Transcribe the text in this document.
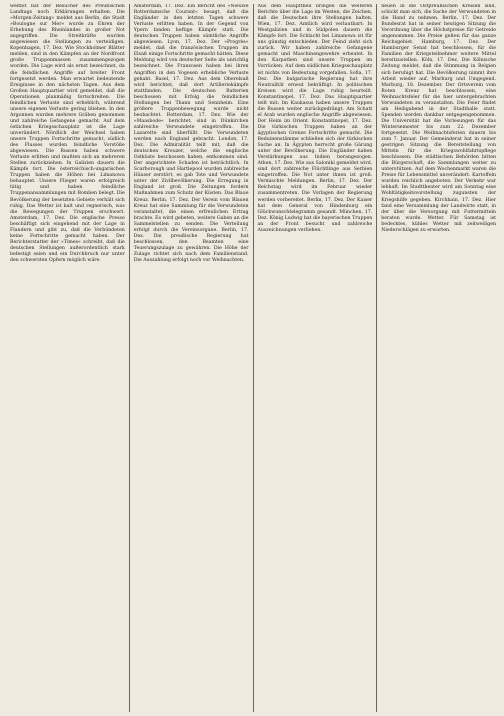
weltbit hat der Besucher des Preußischen Landtags noch Erklärungen erhalten. Die »Morgen-Zeitung« meldet aus Berlin, die Stadt »Boulogne sur Mer« wurde zu Ehren der Erhebung des Rheinlandes in großer Not angegriffen. Die Streitkräfte wurden angewiesen die Stellungen zu verteidigen. Kopenhagen, 17. Dez. Wie Stockholmer Blätter melden, sind in den Kämpfen an der Nordfront große Truppenmassen zusammengezogen worden. Die Lage wird als ernst bezeichnet, da die feindlichen Angriffe auf breiter Front fortgesetzt werden. Man erwartet bedeutende Ereignisse in den nächsten Tagen. Aus dem Großen Hauptquartier wird gemeldet, daß die Operationen planmäßig fortschreiten. Die feindlichen Verluste sind erheblich, während unsere eigenen Verluste gering blieben. In den Argonnen wurden mehrere Gräben genommen und zahlreiche Gefangene gemacht. Auf dem östlichen Kriegsschauplatz ist die Lage unverändert. Nördlich der Weichsel haben unsere Truppen Fortschritte gemacht, südlich des Flusses wurden feindliche Vorstöße abgewiesen. Die Russen haben schwere Verluste erlitten und mußten sich an mehreren Stellen zurückziehen. In Galizien dauern die Kämpfe fort. Die österreichisch-ungarischen Truppen haben die Höhen bei Limanowa behauptet. Unsere Flieger waren erfolgreich tätig und haben feindliche Truppenansammlungen mit Bomben belegt. Die Bevölkerung der besetzten Gebiete verhält sich ruhig. Das Wetter ist kalt und regnerisch, was die Bewegungen der Truppen erschwert. Amsterdam, 17. Dez. Die englische Presse beschäftigt sich eingehend mit der Lage in Flandern und gibt zu, daß die Verbündeten keine Fortschritte gemacht haben. Der Berichterstatter der »Times« schreibt, daß die deutschen Stellungen außerordentlich stark befestigt seien und ein Durchbruch nur unter den schwersten Opfern möglich wäre.
Amsterdam, 17. Dez. Ein Bericht des »Nieuwe Rotterdamsche Courant« besagt, daß die Engländer in den letzten Tagen schwere Verluste erlitten haben. In der Gegend von Ypern fanden heftige Kämpfe statt. Die deutschen Truppen haben sämtliche Angriffe abgewiesen. Lyon, 17. Dez. Der »Progrès« meldet, daß die französischen Truppen im Elsaß einige Fortschritte gemacht hätten. Diese Meldung wird von deutscher Seite als unrichtig bezeichnet. Die Franzosen haben bei ihren Angriffen in den Vogesen erhebliche Verluste gehabt. Basel, 17. Dez. Aus dem Oberelsaß wird berichtet, daß dort Artilleriekämpfe stattfanden. Die deutschen Batterien beschossen mit Erfolg die feindlichen Stellungen bei Thann und Sennheim. Eine größere Truppenbewegung wurde nicht beobachtet. Rotterdam, 17. Dez. Wie der »Maasbode« berichtet, sind in Dünkirchen zahlreiche Verwundete eingetroffen. Die Lazarette sind überfüllt. Die Verwundeten werden nach England gebracht. London, 17. Dez. Die Admiralität teilt mit, daß die deutschen Kreuzer, welche die englische Ostküste beschossen haben, entkommen sind. Der angerichtete Schaden ist beträchtlich. In Scarborough und Hartlepool wurden zahlreiche Häuser zerstört, es gab Tote und Verwundete unter der Zivilbevölkerung. Die Erregung in England ist groß. Die Zeitungen fordern Maßnahmen zum Schutz der Küsten. Das Blaue Kreuz. Berlin, 17. Dez. Der Verein vom Blauen Kreuz hat eine Sammlung für die Verwundeten veranstaltet, die einen erfreulichen Ertrag brachte. Es wird gebeten, weitere Gaben an die Sammelstellen zu senden. Die Verteilung erfolgt durch die Vereinsorgane. Berlin, 17. Dez. Die preußische Regierung hat beschlossen, den Beamten eine Teuerungszulage zu gewähren. Die Höhe der Zulage richtet sich nach dem Familienstand. Die Auszahlung erfolgt noch vor Weihnachten.
Aus dem Haupttheil bringen die weiteren Berichte über die Lage im Westen, die Zeichen, daß die Deutschen ihre Stellungen halten. Wien, 17. Dez. Amtlich wird verlautbart: In Westgalizien und in Südpolen dauern die Kämpfe fort. Die Schlacht bei Limanowa ist für uns günstig entschieden. Der Feind zieht sich zurück. Wir haben zahlreiche Gefangene gemacht und Maschinengewehre erbeutet. In den Karpathen sind unsere Truppen im Vorrücken. Auf dem südlichen Kriegsschauplatz ist nichts von Bedeutung vorgefallen. Sofia, 17. Dez. Die bulgarische Regierung hat ihre Neutralität erneut bekräftigt. In politischen Kreisen wird die Lage ruhig beurteilt. Konstantinopel, 17. Dez. Das Hauptquartier teilt mit: Im Kaukasus haben unsere Truppen die Russen weiter zurückgedrängt. Am Schatt el Arab wurden englische Angriffe abgewiesen. Der Heim im Orient. Konstantinopel, 17. Dez. Die türkischen Truppen haben an der ägyptischen Grenze Fortschritte gemacht. Die Beduinenstämme schließen sich der türkischen Sache an. In Ägypten herrscht große Gärung unter der Bevölkerung. Die Engländer haben Verstärkungen aus Indien herangezogen. Athen, 17. Dez. Wie aus Saloniki gemeldet wird, sind dort zahlreiche Flüchtlinge aus Serbien eingetroffen. Die Not unter ihnen ist groß. Vermischte Meldungen. Berlin, 17. Dez. Der Reichstag wird im Februar wieder zusammentreten. Die Vorlagen der Regierung werden vorbereitet. Berlin, 17. Dez. Der Kaiser hat dem General von Hindenburg ein Glückwunschtelegramm gesandt. München, 17. Dez. König Ludwig hat die bayerischen Truppen an der Front besucht und zahlreiche Auszeichnungen verliehen.
neuen in die Ostpreußischen Kreisen sind, schickt man sich, die Sache der Verwundeten in die Hand zu nehmen. Berlin, 17. Dez. Der Bundesrat hat in seiner heutigen Sitzung die Verordnung über die Höchstpreise für Getreide angenommen. Die Preise gelten für das ganze Reichsgebiet. Hamburg, 17. Dez. Der Hamburger Senat hat beschlossen, für die Familien der Kriegsteilnehmer weitere Mittel bereitzustellen. Köln, 17. Dez. Die Kölnische Zeitung meldet, daß die Stimmung in Belgien sich beruhigt hat. Die Bevölkerung nimmt ihre Arbeit wieder auf. Marburg und Umgegend. Marburg, 18. Dezember. Der Ortsverein vom Roten Kreuz hat beschlossen, eine Weihnachtsfeier für die hier untergebrachten Verwundeten zu veranstalten. Die Feier findet am Heiligabend in der Stadthalle statt. Spenden werden dankbar entgegengenommen. Die Universität hat die Vorlesungen für das Wintersemester bis zum 22. Dezember fortgesetzt. Die Weihnachtsferien dauern bis zum 7. Januar. Der Gemeinderat hat in seiner gestrigen Sitzung die Bereitstellung von Mitteln für die Kriegswohlfahrtspflege beschlossen. Die städtischen Behörden bitten die Bürgerschaft, die Sammlungen weiter zu unterstützen. Auf dem Wochenmarkt waren die Preise für Lebensmittel unverändert. Kartoffeln wurden reichlich angeboten. Der Verkehr war lebhaft. Im Stadttheater wird am Sonntag eine Wohltätigkeitsvorstellung zugunsten der Kriegshilfe gegeben. Kirchhain, 17. Dez. Hier fand eine Versammlung der Landwirte statt, in der über die Versorgung mit Futtermitteln beraten wurde. Wetter. Für Samstag ist bedecktes, kühles Wetter mit zeitweiligen Niederschlägen zu erwarten.
